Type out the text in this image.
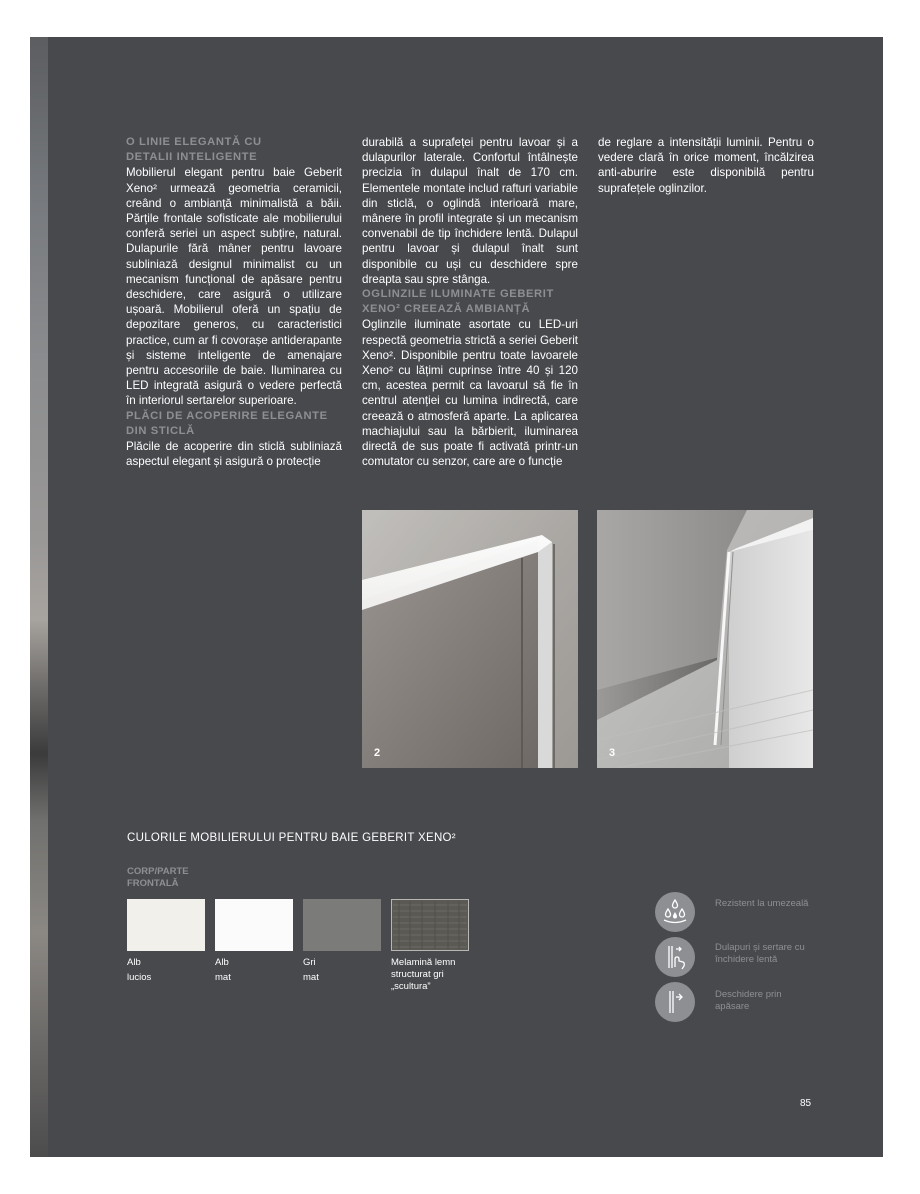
O LINIE ELEGANTĂ CU
DETALII INTELIGENTE
Mobilierul elegant pentru baie Geberit Xeno² urmează geometria ceramicii, creând o ambianță minimalistă a băii. Părțile frontale sofisticate ale mobilierului conferă seriei un aspect subțire, natural. Dulapurile fără mâner pentru lavoare subliniază designul minimalist cu un mecanism funcțional de apăsare pentru deschidere, care asigură o utilizare ușoară. Mobilierul oferă un spațiu de depozitare generos, cu caracteristici practice, cum ar fi covorașe antiderapante și sisteme inteligente de amenajare pentru accesoriile de baie. Iluminarea cu LED integrată asigură o vedere perfectă în interiorul sertarelor superioare.
PLĂCI DE ACOPERIRE ELEGANTE
DIN STICLĂ
Plăcile de acoperire din sticlă subliniază aspectul elegant și asigură o protecție
durabilă a suprafeței pentru lavoar și a dulapurilor laterale. Confortul întâlnește precizia în dulapul înalt de 170 cm. Elementele montate includ rafturi variabile din sticlă, o oglindă interioară mare, mânere în profil integrate și un mecanism convenabil de tip închidere lentă. Dulapul pentru lavoar și dulapul înalt sunt disponibile cu uși cu deschidere spre dreapta sau spre stânga.
OGLINZILE ILUMINATE GEBERIT
XENO² CREEAZĂ AMBIANȚĂ
Oglinzile iluminate asortate cu LED-uri respectă geometria strictă a seriei Geberit Xeno². Disponibile pentru toate lavoarele Xeno² cu lățimi cuprinse între 40 și 120 cm, acestea permit ca lavoarul să fie în centrul atenției cu lumina indirectă, care creează o atmosferă aparte. La aplicarea machiajului sau la bărbierit, iluminarea directă de sus poate fi activată printr-un comutator cu senzor, care are o funcție
de reglare a intensității luminii. Pentru o vedere clară în orice moment, încălzirea anti-aburire este disponibilă pentru suprafețele oglinzilor.
2	3
CULORILE MOBILIERULUI PENTRU BAIE GEBERIT XENO²
CORP/PARTE
FRONTALĂ
Alb
lucios
Alb
mat
Gri
mat
Melamină lemn
structurat gri
„scultura”
Rezistent la umezeală
Dulapuri și sertare cu
închidere lentă
Deschidere prin
apăsare
85
